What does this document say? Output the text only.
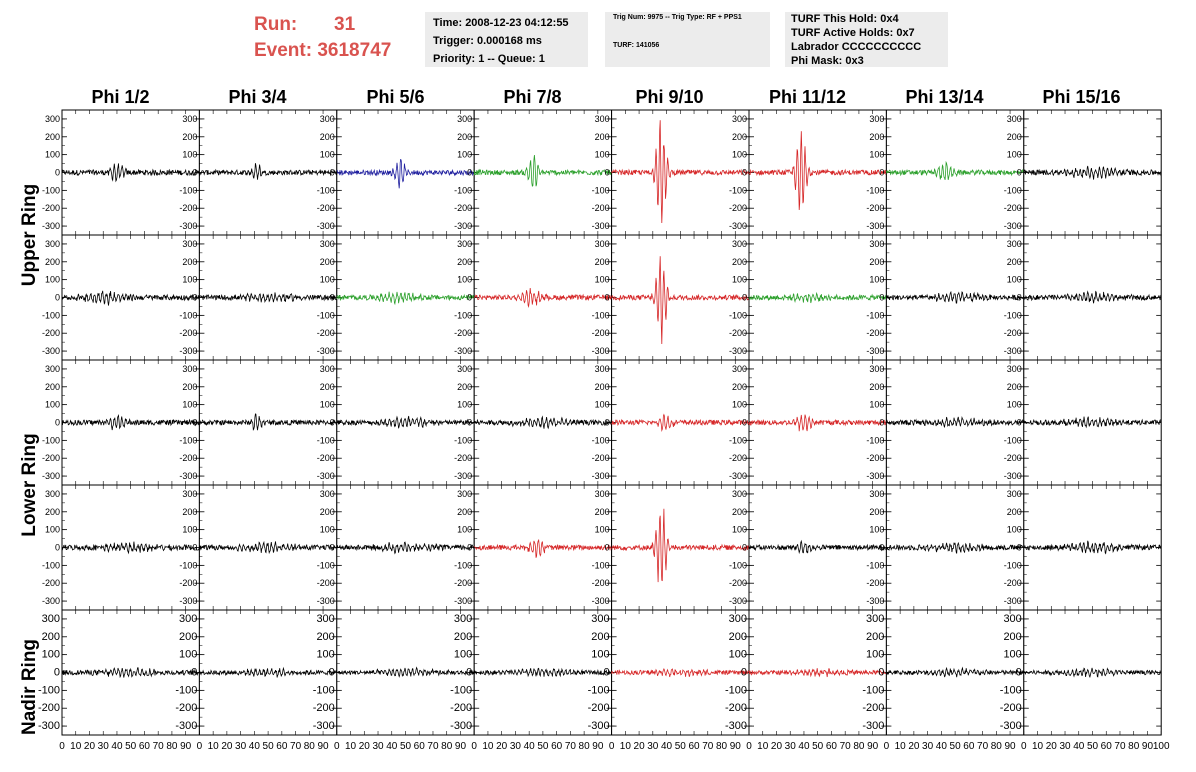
Run: 31
Event: 3618747
Time: 2008-12-23 04:12:55
Trigger: 0.000168 ms
Priority: 1 -- Queue: 1
Trig Num: 9975 -- Trig Type: RF + PPS1
TURF: 141056
TURF This Hold: 0x4
TURF Active Holds: 0x7
Labrador CCCCCCCCCC
Phi Mask: 0x3
Phi 1/2	Phi 3/4	Phi 5/6	Phi 7/8	Phi 9/10	Phi 11/12	Phi 13/14	Phi 15/16
Upper Ring
Lower Ring
Nadir Ring
300
200
100
0
-100
-200
-300
300
200
100
0
-100
-200
-300
300
200
100
0
-100
-200
-300
300
200
100
0
-100
-200
-300
300
200
100
0
-100
-200
-300
300
200
100
0
-100
-200
-300
300
200
100
0
-100
-200
-300
300
200
100
0
-100
-200
-300
300
200
100
0
-100
-200
-300
300
200
100
0
-100
-200
-300
300
200
100
0
-100
-200
-300
300
200
100
0
-100
-200
-300
300
200
100
0
-100
-200
-300
300
200
100
0
-100
-200
-300
300
200
100
0
-100
-200
-300
300
200
100
0
-100
-200
-300
300
200
100
0
-100
-200
-300
300
200
100
0
-100
-200
-300
300
200
100
0
-100
-200
-300
300
200
100
0
-100
-200
-300
300
200
100
0
-100
-200
-300
300
200
100
0
-100
-200
-300
300
200
100
0
-100
-200
-300
300
200
100
0
-100
-200
-300
300
200
100
0
-100
-200
-300
300
200
100
0
-100
-200
-300
300
200
100
0
-100
-200
-300
300
200
100
0
-100
-200
-300
300
200
100
0
-100
-200
-300
300
200
100
0
-100
-200
-300
300
200
100
0
-100
-200
-300
300
200
100
0
-100
-200
-300
300
200
100
0
-100
-200
-300
300
200
100
0
-100
-200
-300
300
200
100
0
-100
-200
-300
300
200
100
0
-100
-200
-300
300
200
100
0
-100
-200
-300
300
200
100
0
-100
-200
-300
300
200
100
0
-100
-200
-300
300
200
100
0
-100
-200
-300
0 10 20 30 40 50 60 70 80 90 0 10 20 30 40 50 60 70 80 90 0 10 20 30 40 50 60 70 80 90 0 10 20 30 40 50 60 70 80 90 0 10 20 30 40 50 60 70 80 90 0 10 20 30 40 50 60 70 80 90 0 10 20 30 40 50 60 70 80 90 0 10 20 30 40 50 60 70 80 90 100
